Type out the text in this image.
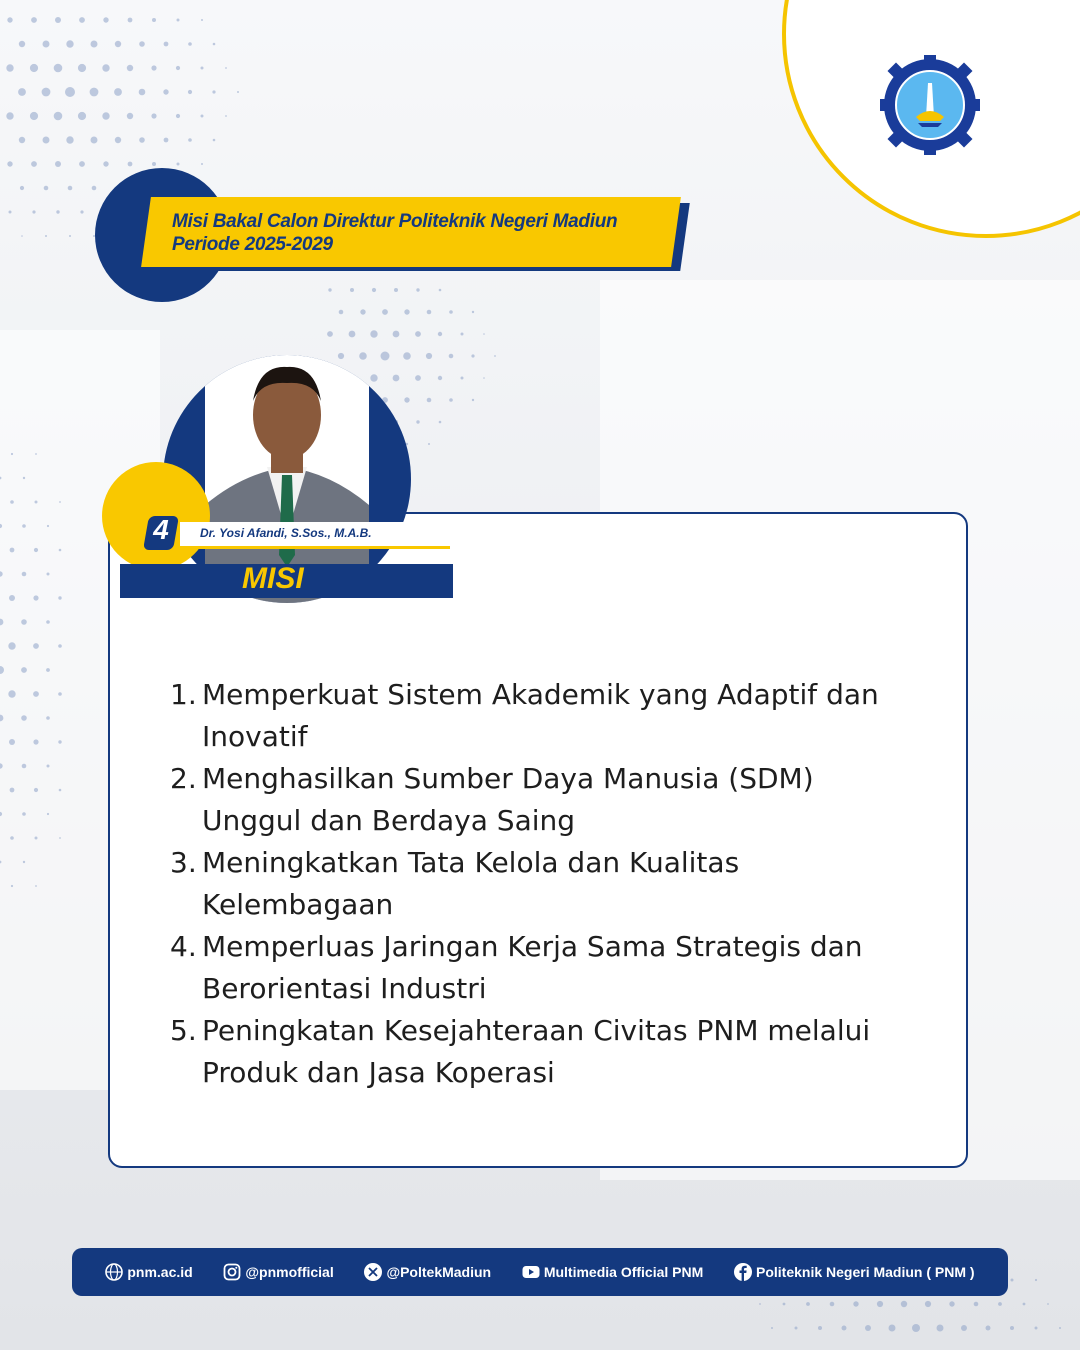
Misi Bakal Calon Direktur Politeknik Negeri Madiun
Periode 2025-2029
Dr. Yosi Afandi, S.Sos., M.A.B.
4
MISI
1. Memperkuat Sistem Akademik yang Adaptif dan Inovatif
2. Menghasilkan Sumber Daya Manusia (SDM) Unggul dan Berdaya Saing
3. Meningkatkan Tata Kelola dan Kualitas Kelembagaan
4. Memperluas Jaringan Kerja Sama Strategis dan Berorientasi Industri
5. Peningkatan Kesejahteraan Civitas PNM melalui Produk dan Jasa Koperasi
pnm.ac.id	@pnmofficial	@PoltekMadiun	Multimedia Official PNM	Politeknik Negeri Madiun ( PNM )
